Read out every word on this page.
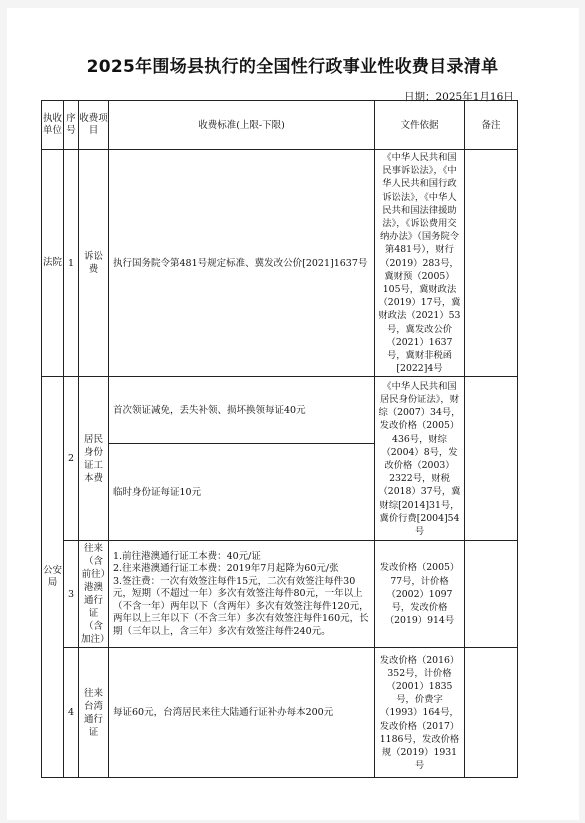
2025年围场县执行的全国性行政事业性收费目录清单
日期：2025年1月16日
执收单位	序号	收费项目	收费标准(上限-下限)	文件依据	备注
法院	1	诉讼费	执行国务院令第481号规定标准、冀发改公价[2021]1637号	《中华人民共和国民事诉讼法》，《中华人民共和国行政诉讼法》，《中华人民共和国法律援助法》，《诉讼费用交纳办法》（国务院令第481号），财行（2019）283号，冀财预（2005）105号，冀财政法（2019）17号，冀财政法（2021）53号，冀发改公价（2021）1637号，冀财非税函[2022]4号	
公安局	2	居民身份证工本费	首次领证减免，丢失补领、损坏换领每证40元	《中华人民共和国居民身份证法》，财综（2007）34号，发改价格（2005）436号，财综（2004）8号，发改价格（2003）2322号，财税（2018）37号，冀财综[2014]31号，冀价行费[2004]54号	
			临时身份证每证10元		
	3	往来（含前往）港澳通行证（含加注）	1.前往港澳通行证工本费：40元/证
2.往来港澳通行证工本费：2019年7月起降为60元/张
3.签注费：一次有效签注每件15元，二次有效签注每件30元，短期（不超过一年）多次有效签注每件80元，一年以上（不含一年）两年以下（含两年）多次有效签注每件120元，两年以上三年以下（不含三年）多次有效签注每件160元，长期（三年以上，含三年）多次有效签注每件240元。	发改价格（2005）77号，计价格（2002）1097号，发改价格（2019）914号	
	4	往来台湾通行证	每证60元，台湾居民来往大陆通行证补办每本200元	发改价格（2016）352号，计价格（2001）1835号，价费字（1993）164号，发改价格（2017）1186号，发改价格规（2019）1931号	
